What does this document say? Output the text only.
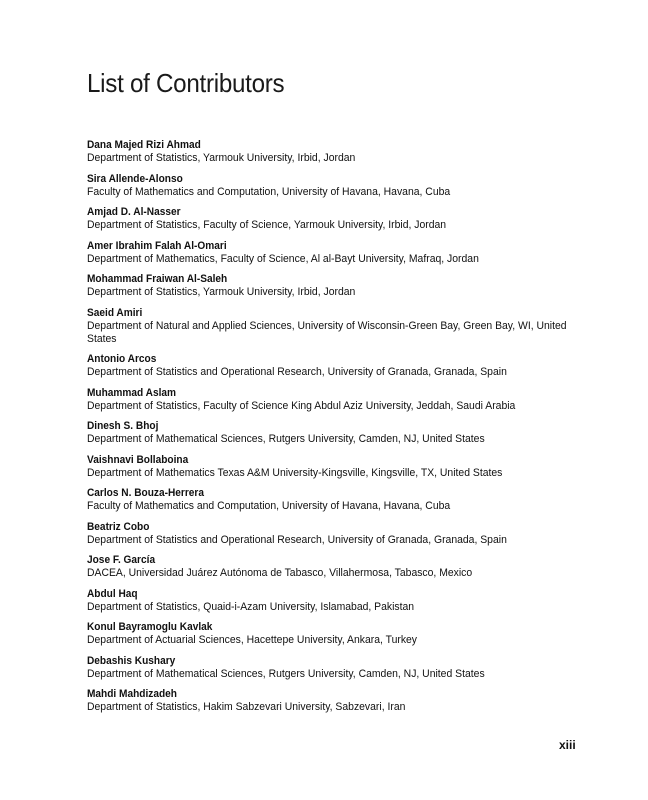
List of Contributors
Dana Majed Rizi Ahmad
Department of Statistics, Yarmouk University, Irbid, Jordan
Sira Allende-Alonso
Faculty of Mathematics and Computation, University of Havana, Havana, Cuba
Amjad D. Al-Nasser
Department of Statistics, Faculty of Science, Yarmouk University, Irbid, Jordan
Amer Ibrahim Falah Al-Omari
Department of Mathematics, Faculty of Science, Al al-Bayt University, Mafraq, Jordan
Mohammad Fraiwan Al-Saleh
Department of Statistics, Yarmouk University, Irbid, Jordan
Saeid Amiri
Department of Natural and Applied Sciences, University of Wisconsin-Green Bay, Green Bay, WI, United States
Antonio Arcos
Department of Statistics and Operational Research, University of Granada, Granada, Spain
Muhammad Aslam
Department of Statistics, Faculty of Science King Abdul Aziz University, Jeddah, Saudi Arabia
Dinesh S. Bhoj
Department of Mathematical Sciences, Rutgers University, Camden, NJ, United States
Vaishnavi Bollaboina
Department of Mathematics Texas A&M University-Kingsville, Kingsville, TX, United States
Carlos N. Bouza-Herrera
Faculty of Mathematics and Computation, University of Havana, Havana, Cuba
Beatriz Cobo
Department of Statistics and Operational Research, University of Granada, Granada, Spain
Jose F. García
DACEA, Universidad Juárez Autónoma de Tabasco, Villahermosa, Tabasco, Mexico
Abdul Haq
Department of Statistics, Quaid-i-Azam University, Islamabad, Pakistan
Konul Bayramoglu Kavlak
Department of Actuarial Sciences, Hacettepe University, Ankara, Turkey
Debashis Kushary
Department of Mathematical Sciences, Rutgers University, Camden, NJ, United States
Mahdi Mahdizadeh
Department of Statistics, Hakim Sabzevari University, Sabzevari, Iran
xiii
